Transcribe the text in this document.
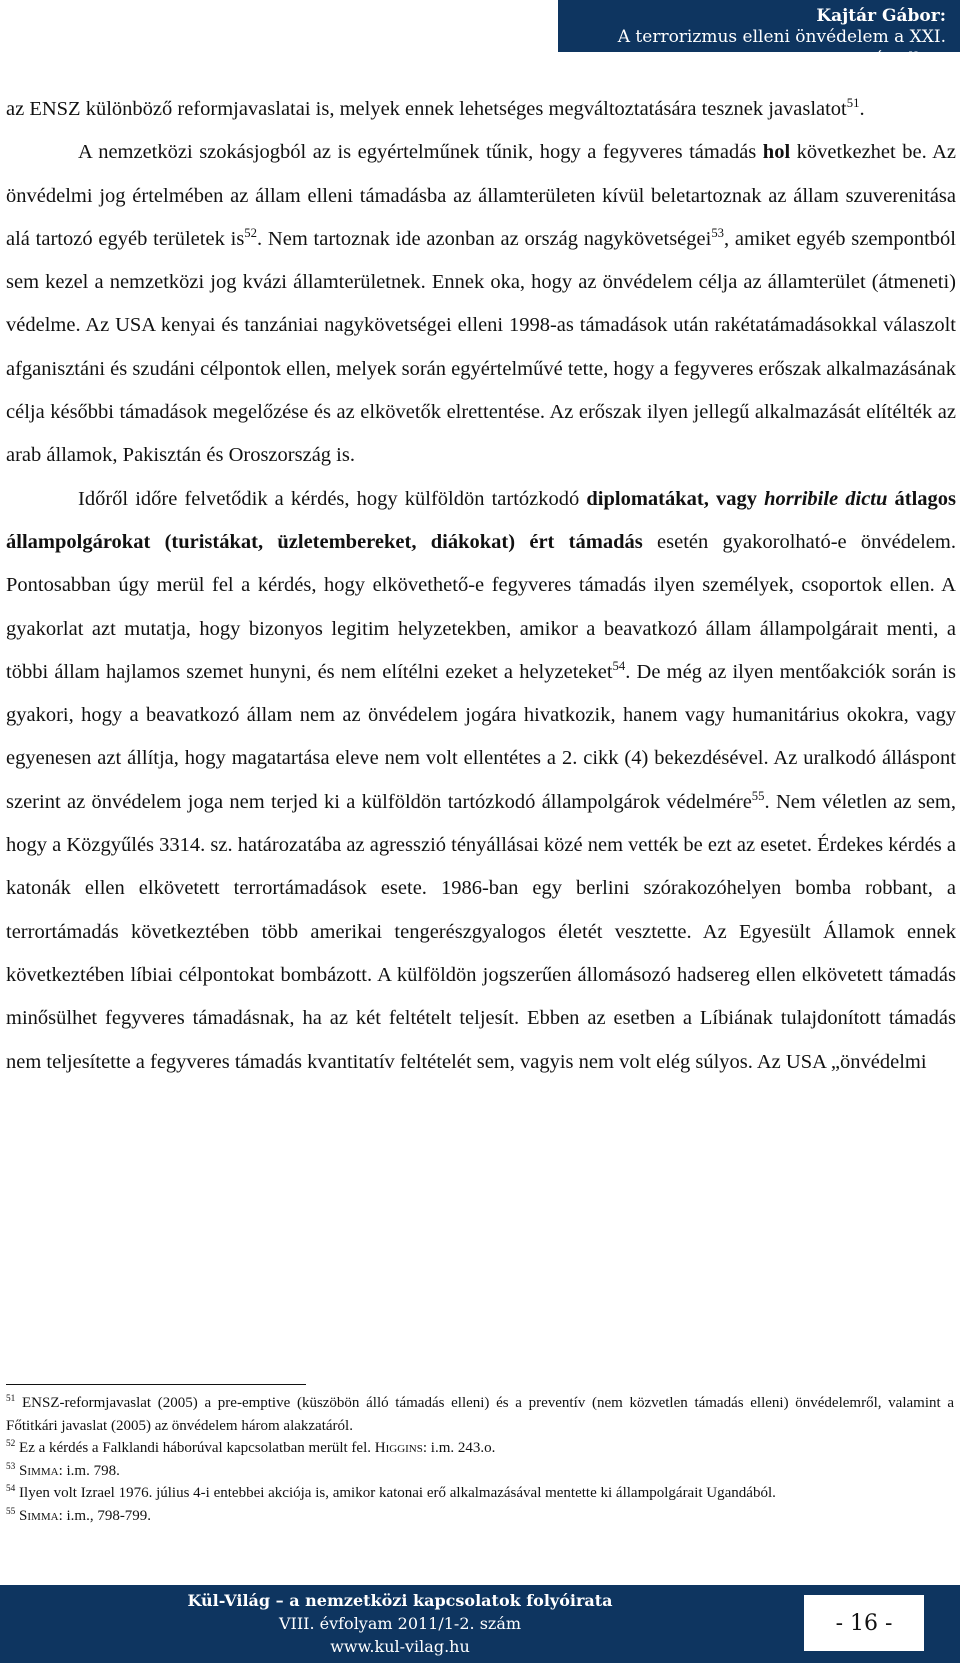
Kajtár Gábor:
A terrorizmus elleni önvédelem a XXI. században

az ENSZ különböző reformjavaslatai is, melyek ennek lehetséges megváltoztatására tesznek javaslatot$^{51}$.

A nemzetközi szokásjogból az is egyértelműnek tűnik, hogy a fegyveres támadás hol következhet be. Az önvédelmi jog értelmében az állam elleni támadásba az államterületen kívül beletartoznak az állam szuverenitása alá tartozó egyéb területek $is^{52}$. Nem tartoznak ide azonban az ország nagykövetségei$^{53}$, amiket egyéb szempontból sem kezel a nemzetközi jog kvázi államterületnek. Ennek oka, hogy az önvédelem célja az államterület (átmeneti) védelme. Az USA kenyai és tanzániai nagykövetségei elleni 1998-as támadások után rakétatámadásokkal válaszolt afganisztáni és szudáni célpontok ellen, melyek során egyértelművé tette, hogy a fegyveres erőszak alkalmazásának célja későbbi támadások megelőzése és az elkövetők elrettentése. Az erőszak ilyen jellegű alkalmazását elítélték az arab államok, Pakisztán és Oroszország is.

Időről időre felvetődik a kérdés, hogy külföldön tartózkodó diplomatákat, vagy horribile dictu átlagos állampolgárokat (turistákat, üzletembereket, diákokat) ért támadás esetén gyakorolható-e önvédelem. Pontosabban úgy merül fel a kérdés, hogy elkövethető-e fegyveres támadás ilyen személyek, csoportok ellen. A gyakorlat azt mutatja, hogy bizonyos legitim helyzetekben, amikor a beavatkozó állam állampolgárait menti, a többi állam hajlamos szemet hunyni, és nem elítélni ezeket a helyzeteket$^{54}$. De még az ilyen mentőakciók során is gyakori, hogy a beavatkozó állam nem az önvédelem jogára hivatkozik, hanem vagy humanitárius okokra, vagy egyenesen azt állítja, hogy magatartása eleve nem volt ellentétes a 2. cikk (4) bekezdésével. Az uralkodó álláspont szerint az önvédelem joga nem terjed ki a külföldön tartózkodó állampolgárok védelmére$^{55}$. Nem véletlen az sem, hogy a Közgyűlés 3314. sz. határozatába az agresszió tényállásai közé nem vették be ezt az esetet. Érdekes kérdés a katonák ellen elkövetett terrortámadások esete. 1986-ban egy berlini szórakozóhelyen bomba robbant, a terrortámadás következtében több amerikai tengerészgyalogos életét vesztette. Az Egyesült Államok ennek következtében líbiai célpontokat bombázott. A külföldön jogszerűen állomásozó hadsereg ellen elkövetett támadás minősülhet fegyveres támadásnak, ha az két feltételt teljesít. Ebben az esetben a Líbiának tulajdonított támadás nem teljesítette a fegyveres támadás kvantitatív feltételét sem, vagyis nem volt elég súlyos. Az USA „önvédelmi

$^{51}$ ENSZ-reformjavaslat (2005) a pre-emptive (küszöbön álló támadás elleni) és a preventív (nem közvetlen támadás elleni) önvédelemről, valamint a Főtitkári javaslat (2005) az önvédelem három alakzatáról.

$^{52}$ Ez a kérdés a Falklandi háborúval kapcsolatban merült fel. Higgins: i.m. 243.o.

$^{53}$ Simma: i.m. 798.

$^{54}$ Ilyen volt Izrael 1976. július 4-i entebbei akciója is, amikor katonai erő alkalmazásával mentette ki állampolgárait Ugandából.

$^{55}$ Simma: i.m., 798-799.

Kül-Világ – a nemzetközi kapcsolatok folyóirata
VIII. évfolyam 2011/1-2. szám
www.kul-vilag.hu
- 16 -
